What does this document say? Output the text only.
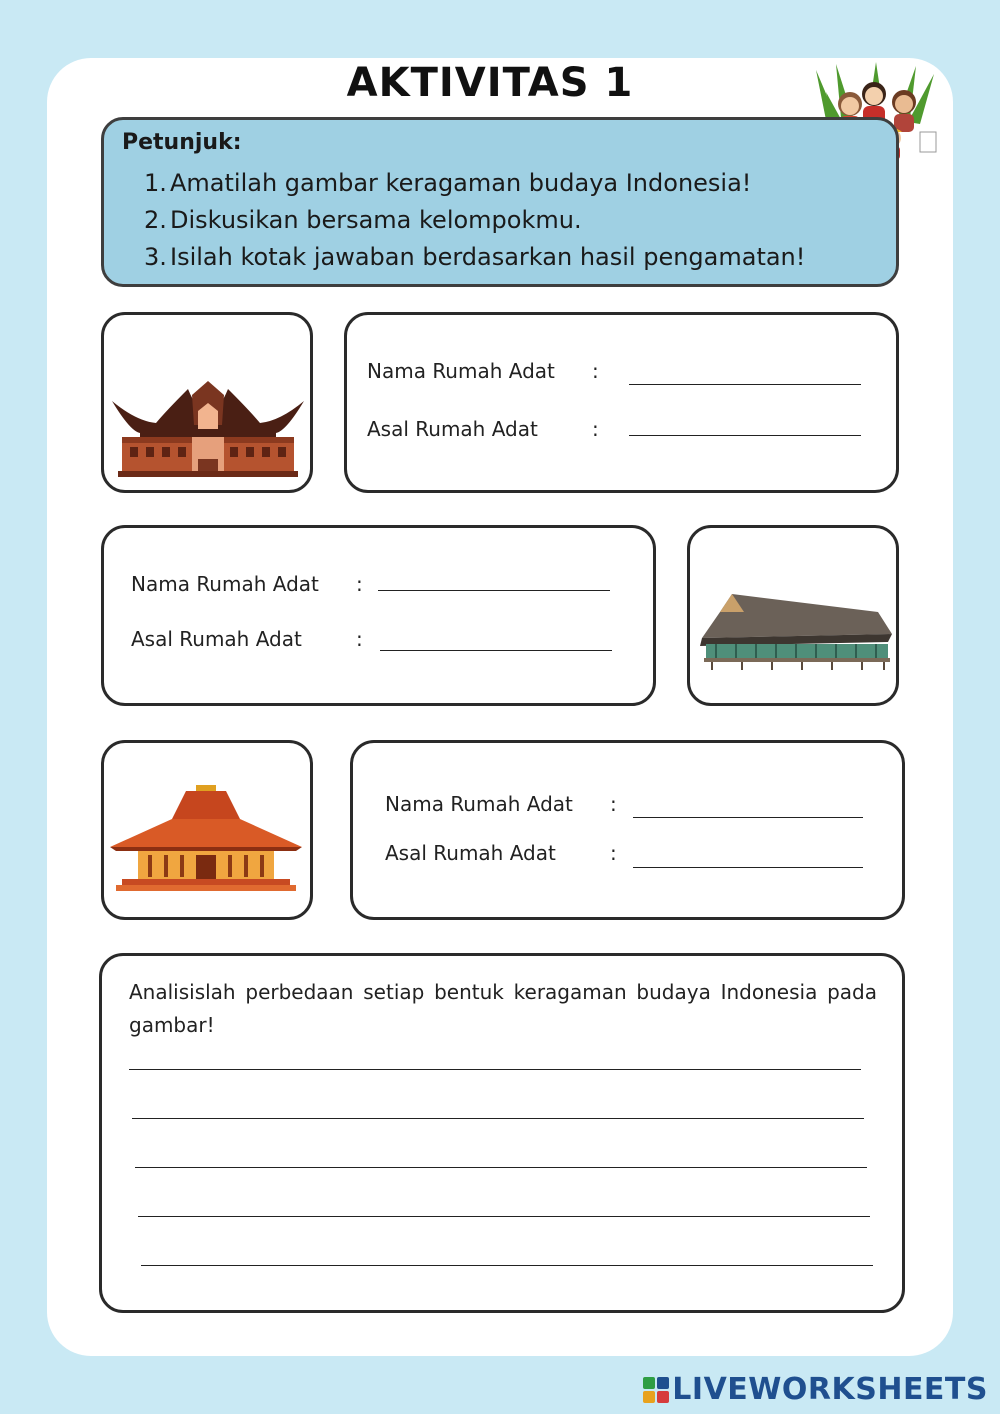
AKTIVITAS 1
Petunjuk:
1. Amatilah gambar keragaman budaya Indonesia!
2. Diskusikan bersama kelompokmu.
3. Isilah kotak jawaban berdasarkan hasil pengamatan!
Nama Rumah Adat :
Asal Rumah Adat	:
Nama Rumah Adat :
Asal Rumah Adat	:
Nama Rumah Adat :
Asal Rumah Adat	:
Analisislah perbedaan setiap bentuk keragaman budaya Indonesia pada gambar!
LIVEWORKSHEETS
